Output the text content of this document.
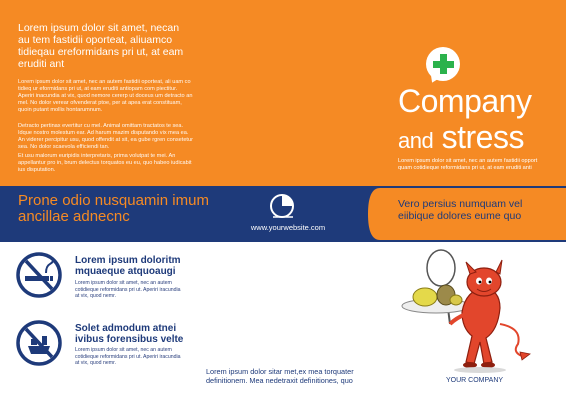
Lorem ipsum dolor sit amet, necan au tem fastidii oporteat, aliuamco tidieqau ereformidans pri ut, at eam eruditi ant
Lorem ipsum dolor sit amet, nec an autem fastidii oporteat, ali uam co tidieq ur eformidans pri ut, at eam eruditi antiopam com piectitur. Aperiri inacundia at vix, quod nemore cererp ut doceus um detracto an mel. No dolor verear ofvenderat ptoe, per at apea erat constituam, quoin putant mollis hontarumnum.
Detracto pertinax evertitur cu mel. Animal omittam tractatos te sea. Idque nostro molestum ear. Ad harum mazim disputando vix mea ea. An viderer percipitur usu, quod offendit at sit, ea gube rgren consetetur sea. No dolor scaevola efficiendi tan.
Et usu malorum euripidis interpretaris, prima volutpat te mei. An appellantur pro in, brum delectus torquatos eu eu, quo habeo iudicabit ius disputation.
Company
and stress
Lorem ipsum dolor sit amet, nec an autem fastidii opport quam cotidieque reformidans pri ut, at eam eruditi anti
Prone odio nusquamin imum ancillae adnecnc
www.yourwebsite.com
Vero persius numquam vel eiibique dolores eume quo
Lorem ipsum doloritm mquaeque atquoaugi
Lorem ipsum dolor sit amet, nec an autem cotidieque reformidans pri ut. Aperiri iracundia at vix, quod nemr.
Solet admodum atnei ivibus forensibus velte
Lorem ipsum dolor sit amet, nec an autem cotidieque reformidans pri ut. Aperiri iracundia at vix, quod nemr.
Lorem ipsum dolor sitar met,ex mea torquater definitionem. Mea nedetraxit definitiones, quo	YOUR COMPANY
